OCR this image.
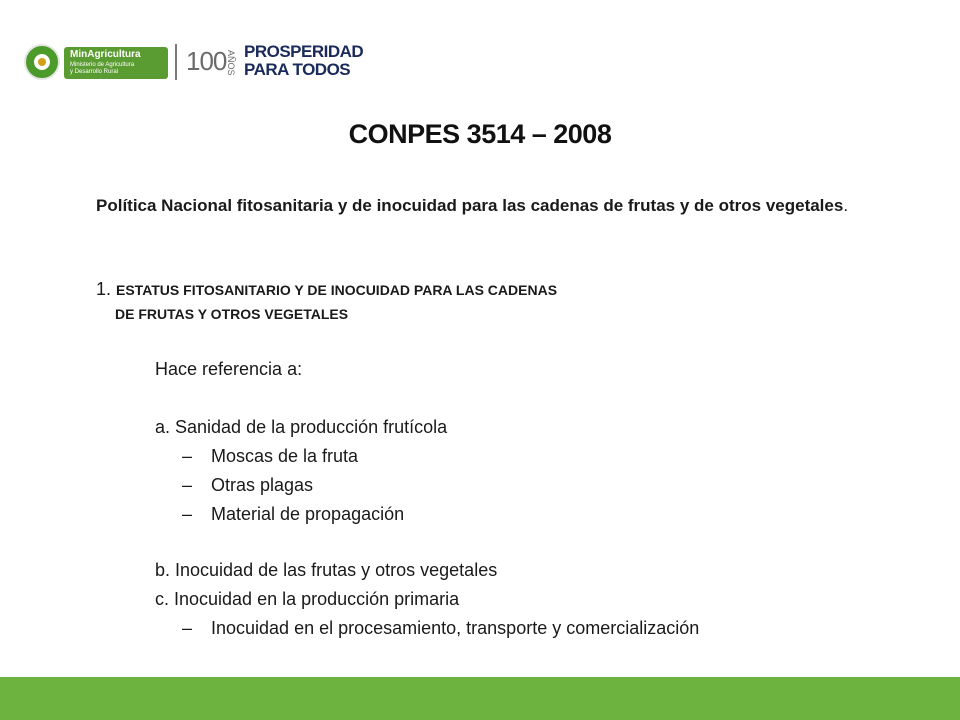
MinAgricultura
Ministerio de Agricultura
y Desarrollo Rural	100 AÑOS PROSPERIDAD
PARA TODOS
CONPES 3514 – 2008
Política Nacional fitosanitaria y de inocuidad para las cadenas de frutas y de otros vegetales.
1. ESTATUS FITOSANITARIO Y DE INOCUIDAD PARA LAS CADENAS
DE FRUTAS Y OTROS VEGETALES
Hace referencia a:
a. Sanidad de la producción frutícola
– Moscas de la fruta
– Otras plagas
– Material de propagación
b. Inocuidad de las frutas y otros vegetales
c. Inocuidad en la producción primaria
– Inocuidad en el procesamiento, transporte y comercialización
